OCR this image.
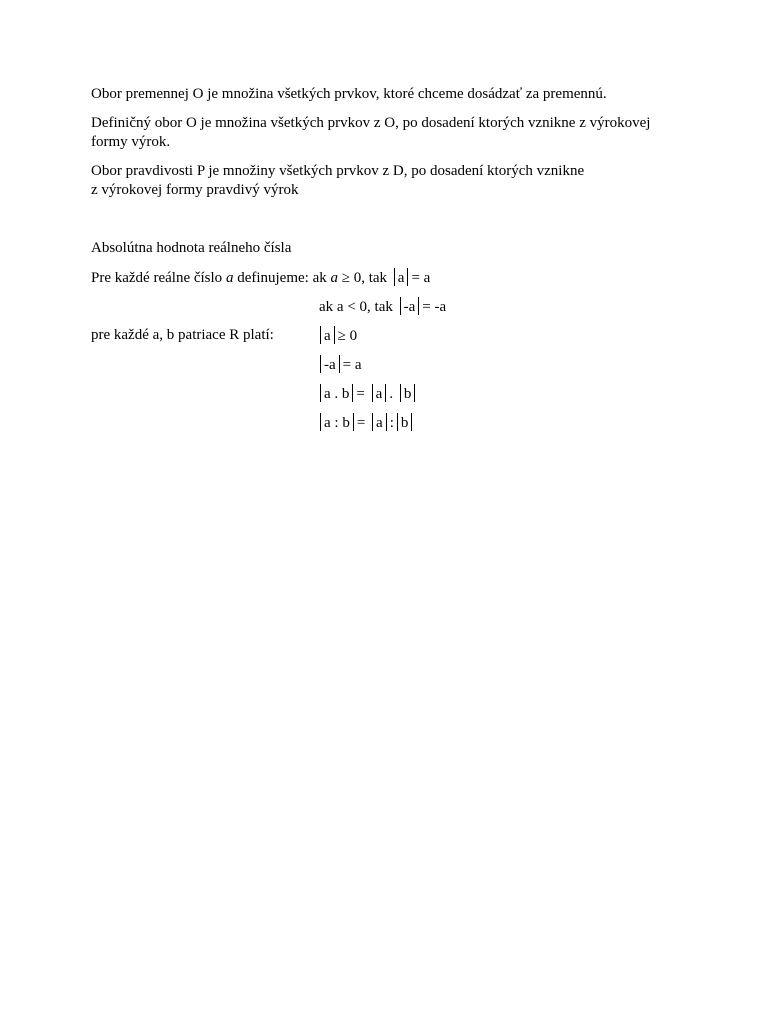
Obor premennej O je množina všetkých prvkov, ktoré chceme dosádzať za premennú.
Definičný obor O je množina všetkých prvkov z O, po dosadení ktorých vznikne z výrokovej
formy výrok.
Obor pravdivosti P je množiny všetkých prvkov z D, po dosadení ktorých vznikne
z výrokovej formy pravdivý výrok
Absolútna hodnota reálneho čísla
Pre každé reálne číslo a definujeme: ak a ≥ 0, tak a = a
ak a < 0, tak -a = -a
pre každé a, b patriace R platí:	a ≥ 0
-a = a
a . b = a . b
a : b = a : b
